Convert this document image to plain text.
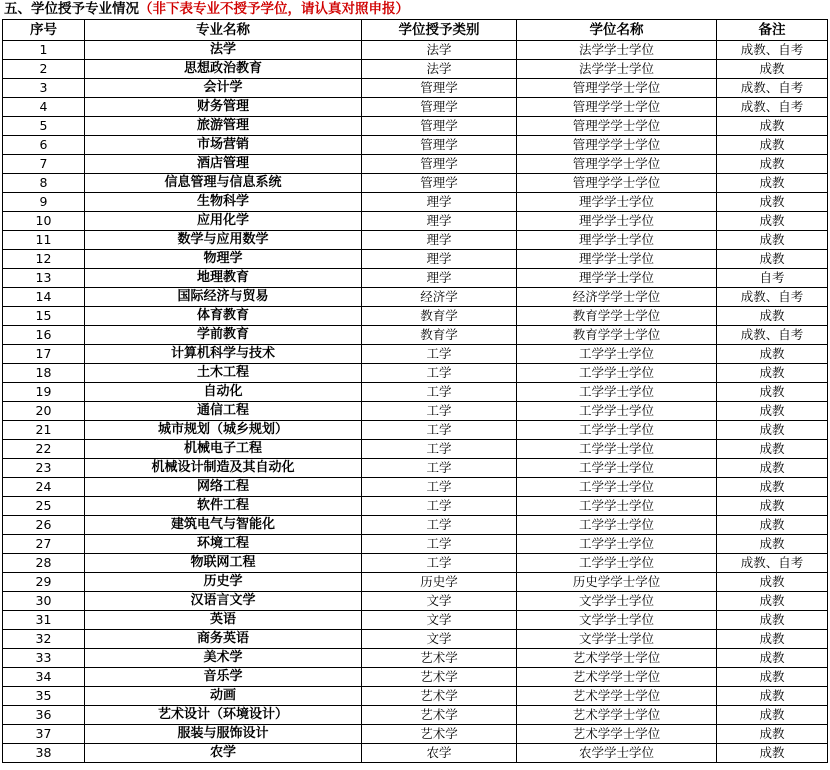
五、学位授予专业情况（非下表专业不授予学位，请认真对照申报）
序号	专业名称	学位授予类别	学位名称	备注
1	法学	法学	法学学士学位	成教、自考
2	思想政治教育	法学	法学学士学位	成教
3	会计学	管理学	管理学学士学位	成教、自考
4	财务管理	管理学	管理学学士学位	成教、自考
5	旅游管理	管理学	管理学学士学位	成教
6	市场营销	管理学	管理学学士学位	成教
7	酒店管理	管理学	管理学学士学位	成教
8	信息管理与信息系统	管理学	管理学学士学位	成教
9	生物科学	理学	理学学士学位	成教
10	应用化学	理学	理学学士学位	成教
11	数学与应用数学	理学	理学学士学位	成教
12	物理学	理学	理学学士学位	成教
13	地理教育	理学	理学学士学位	自考
14	国际经济与贸易	经济学	经济学学士学位	成教、自考
15	体育教育	教育学	教育学学士学位	成教
16	学前教育	教育学	教育学学士学位	成教、自考
17	计算机科学与技术	工学	工学学士学位	成教
18	土木工程	工学	工学学士学位	成教
19	自动化	工学	工学学士学位	成教
20	通信工程	工学	工学学士学位	成教
21	城市规划（城乡规划）	工学	工学学士学位	成教
22	机械电子工程	工学	工学学士学位	成教
23	机械设计制造及其自动化	工学	工学学士学位	成教
24	网络工程	工学	工学学士学位	成教
25	软件工程	工学	工学学士学位	成教
26	建筑电气与智能化	工学	工学学士学位	成教
27	环境工程	工学	工学学士学位	成教
28	物联网工程	工学	工学学士学位	成教、自考
29	历史学	历史学	历史学学士学位	成教
30	汉语言文学	文学	文学学士学位	成教
31	英语	文学	文学学士学位	成教
32	商务英语	文学	文学学士学位	成教
33	美术学	艺术学	艺术学学士学位	成教
34	音乐学	艺术学	艺术学学士学位	成教
35	动画	艺术学	艺术学学士学位	成教
36	艺术设计（环境设计）	艺术学	艺术学学士学位	成教
37	服装与服饰设计	艺术学	艺术学学士学位	成教
38	农学	农学	农学学士学位	成教
